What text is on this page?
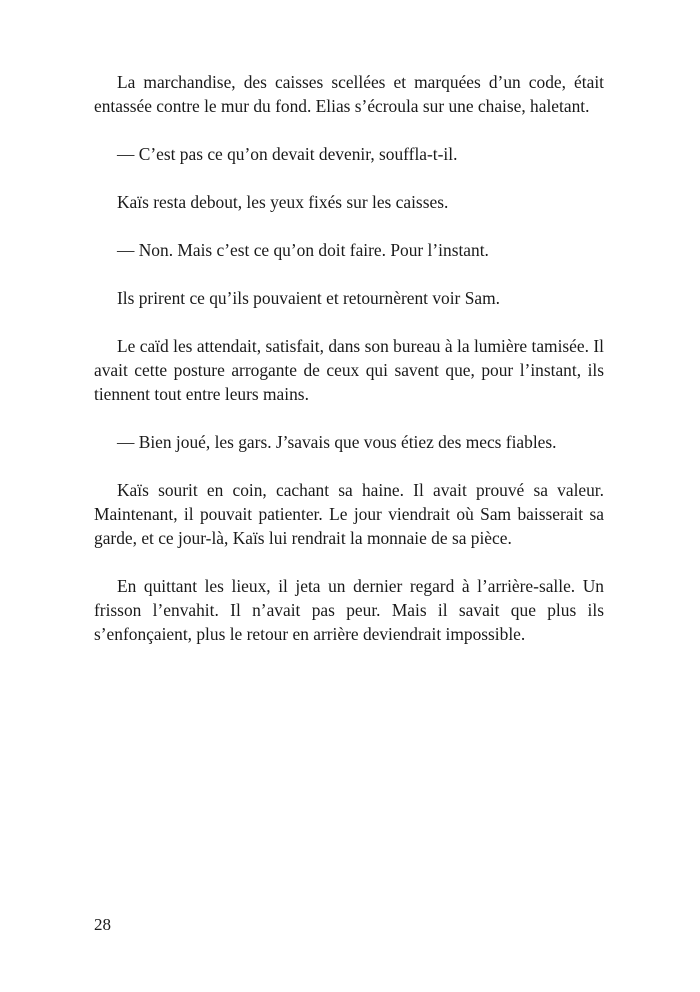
La marchandise, des caisses scellées et marquées d’un code, était entassée contre le mur du fond. Elias s’écroula sur une chaise, haletant.

— C’est pas ce qu’on devait devenir, souffla-t-il.

Kaïs resta debout, les yeux fixés sur les caisses.

— Non. Mais c’est ce qu’on doit faire. Pour l’instant.

Ils prirent ce qu’ils pouvaient et retournèrent voir Sam.

Le caïd les attendait, satisfait, dans son bureau à la lumière tamisée. Il avait cette posture arrogante de ceux qui savent que, pour l’instant, ils tiennent tout entre leurs mains.

— Bien joué, les gars. J’savais que vous étiez des mecs fiables.

Kaïs sourit en coin, cachant sa haine. Il avait prouvé sa valeur. Maintenant, il pouvait patienter. Le jour viendrait où Sam baisserait sa garde, et ce jour-là, Kaïs lui rendrait la monnaie de sa pièce.

En quittant les lieux, il jeta un dernier regard à l’arrière-salle. Un frisson l’envahit. Il n’avait pas peur. Mais il savait que plus ils s’enfonçaient, plus le retour en arrière deviendrait impossible.

28
